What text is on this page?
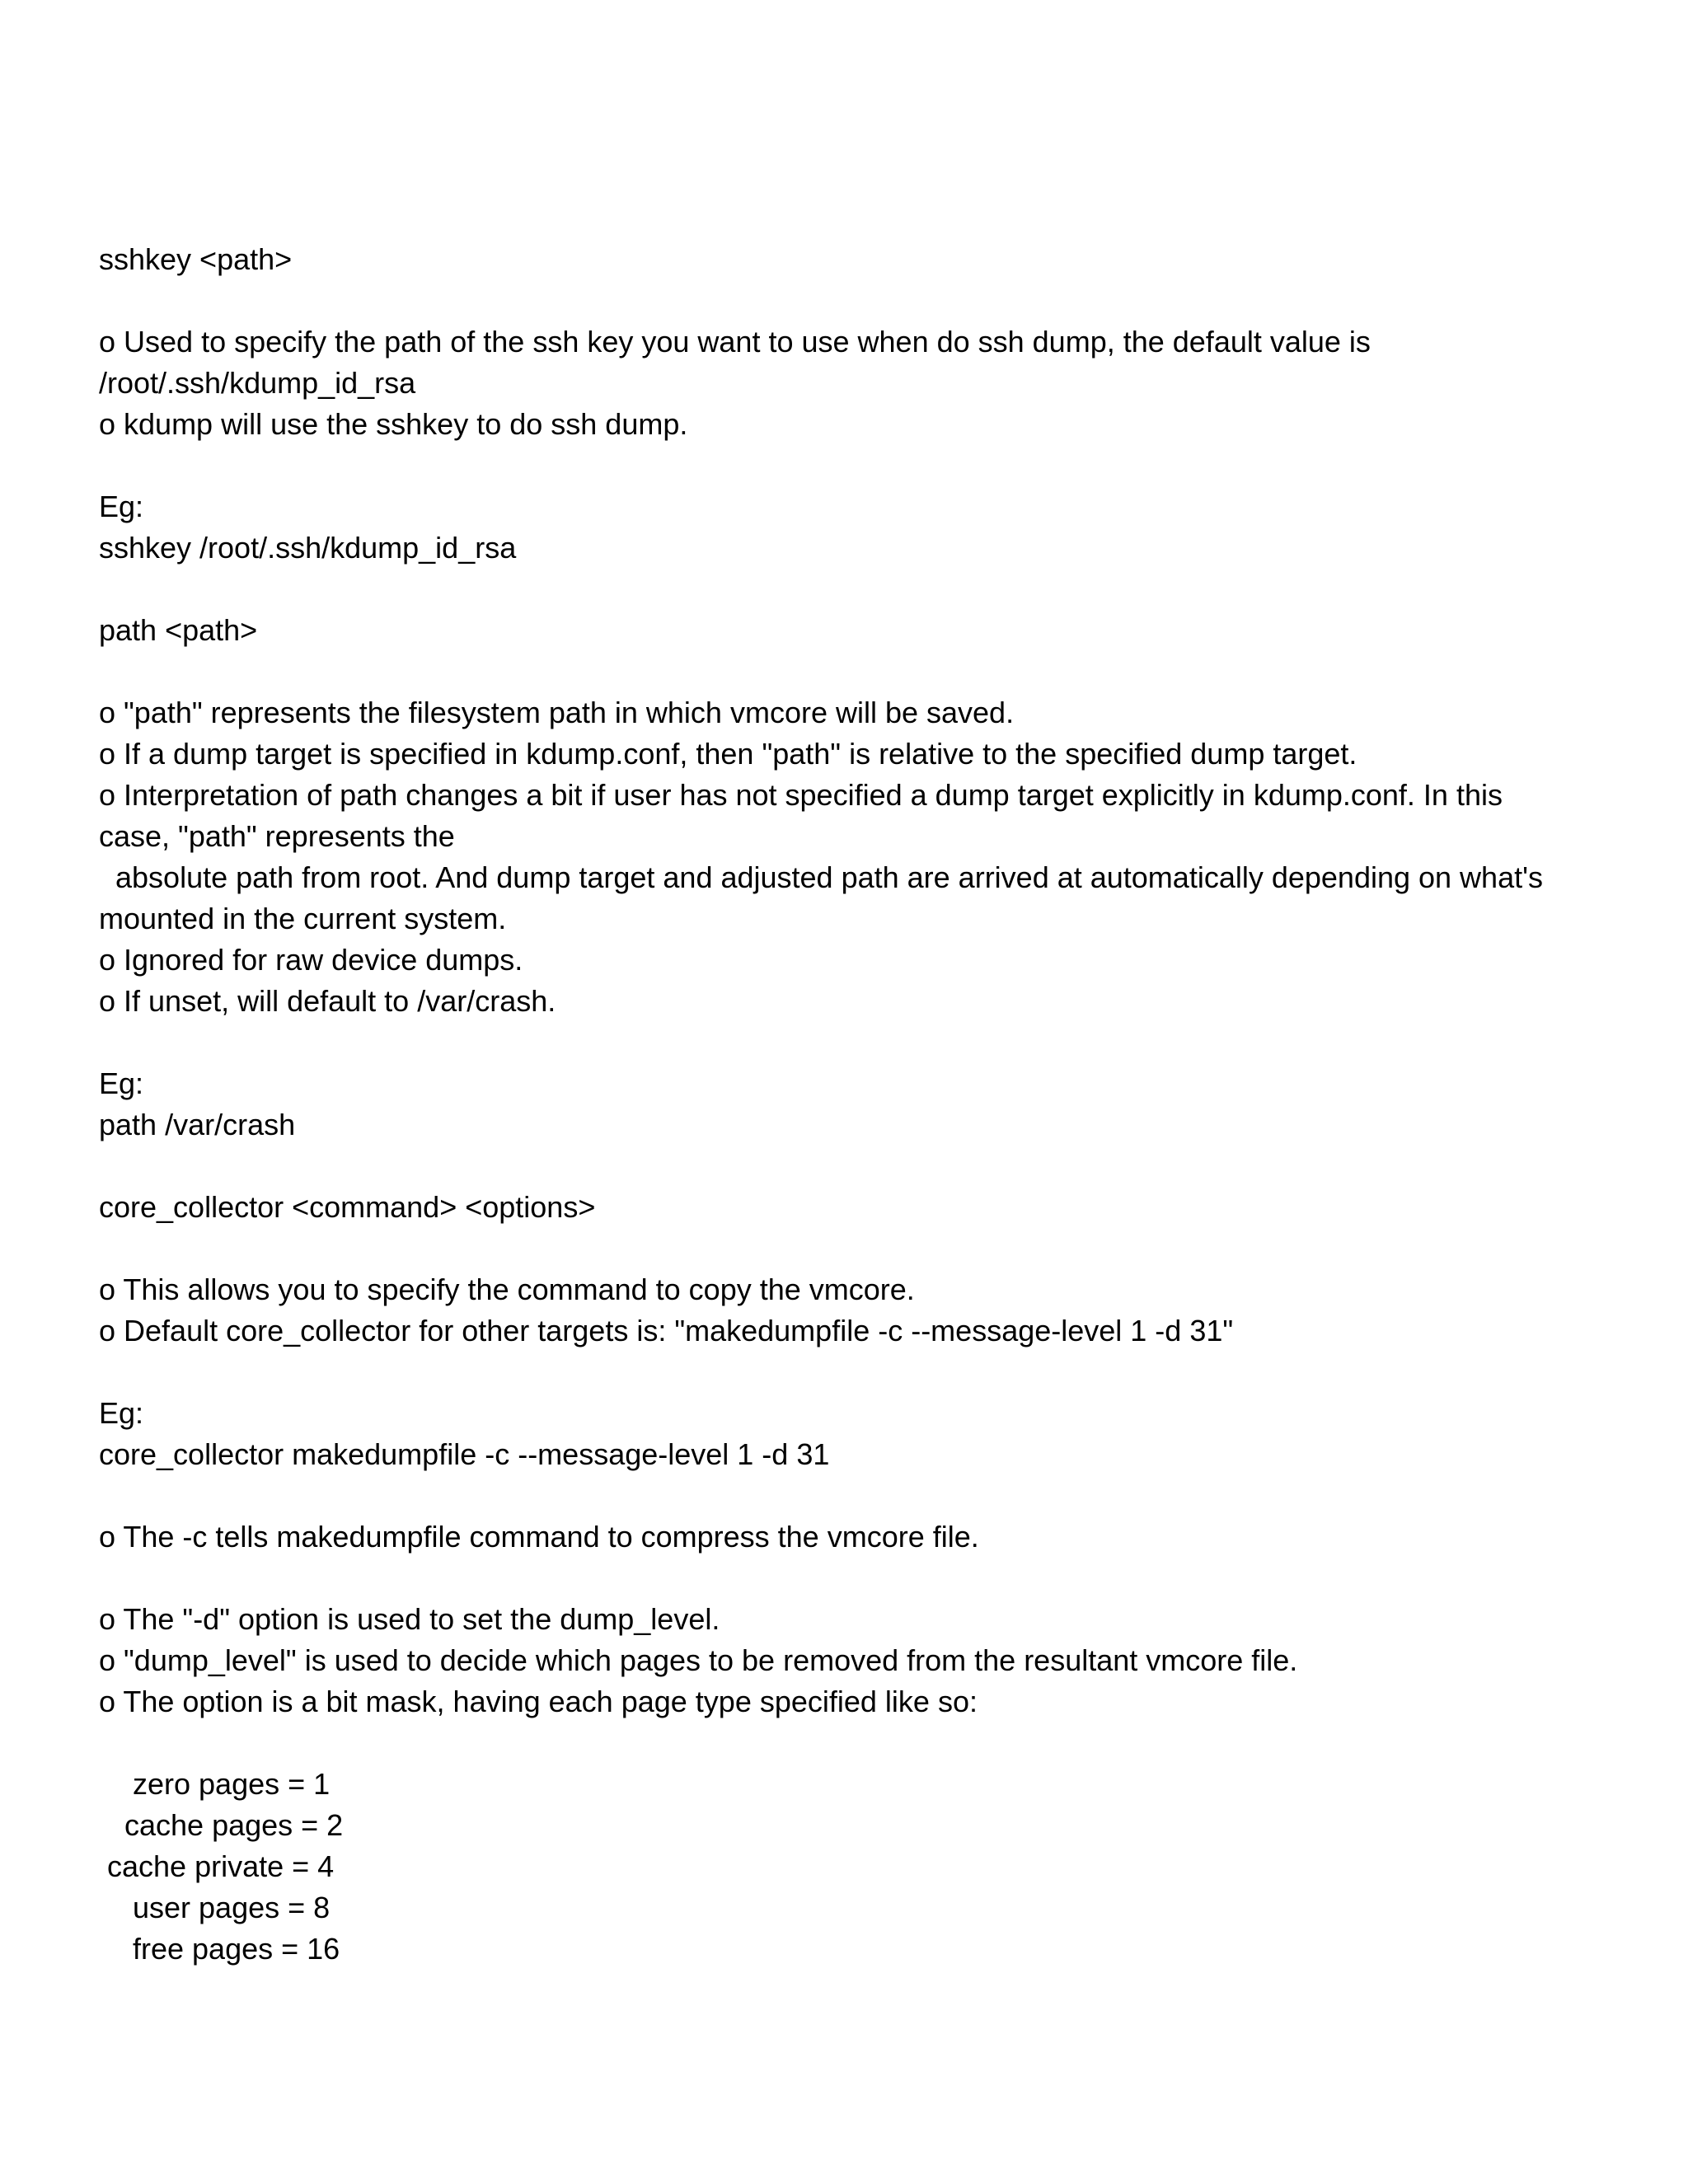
sshkey <path>
o Used to specify the path of the ssh key you want to use when do ssh dump, the default value is
/root/.ssh/kdump_id_rsa
o kdump will use the sshkey to do ssh dump.
Eg:
sshkey /root/.ssh/kdump_id_rsa
path <path>
o "path" represents the filesystem path in which vmcore will be saved.
o If a dump target is specified in kdump.conf, then "path" is relative to the specified dump target.
o Interpretation of path changes a bit if user has not specified a dump target explicitly in kdump.conf. In this
case, "path" represents the
absolute path from root. And dump target and adjusted path are arrived at automatically depending on what's
mounted in the current system.
o Ignored for raw device dumps.
o If unset, will default to /var/crash.
Eg:
path /var/crash
core_collector <command> <options>
o This allows you to specify the command to copy the vmcore.
o Default core_collector for other targets is: "makedumpfile -c --message-level 1 -d 31"
Eg:
core_collector makedumpfile -c --message-level 1 -d 31
o The -c tells makedumpfile command to compress the vmcore file.
o The "-d" option is used to set the dump_level.
o "dump_level" is used to decide which pages to be removed from the resultant vmcore file.
o The option is a bit mask, having each page type specified like so:
zero pages = 1
cache pages = 2
cache private = 4
user pages = 8
free pages = 16
